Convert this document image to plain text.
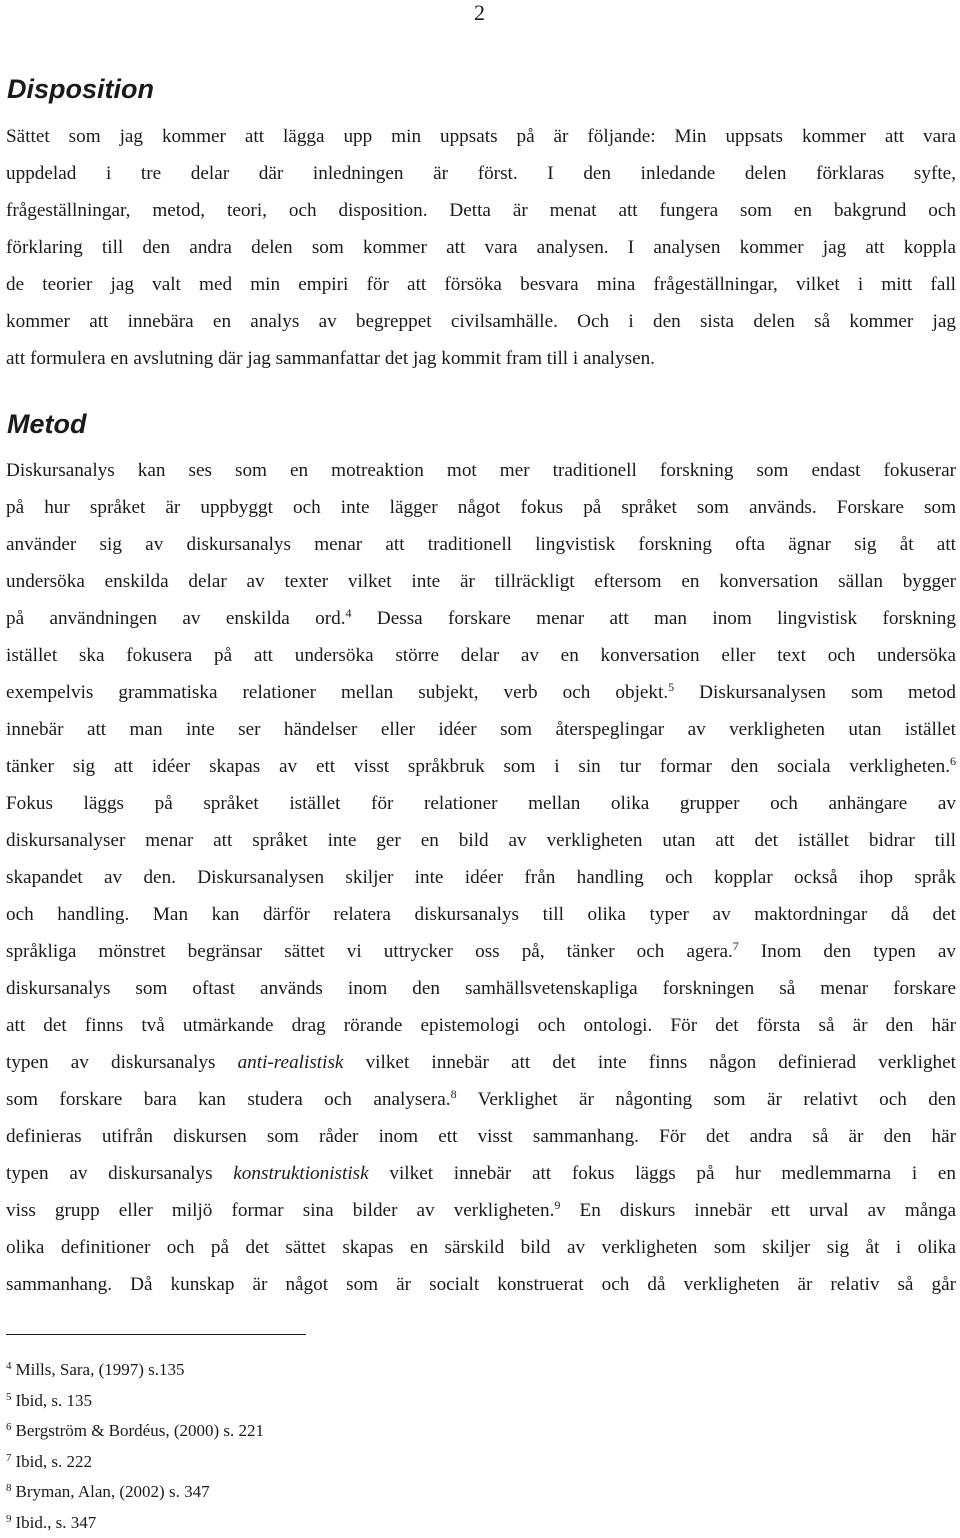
2
Disposition

Sättet som jag kommer att lägga upp min uppsats på är följande: Min uppsats kommer att vara
uppdelad i tre delar där inledningen är först. I den inledande delen förklaras syfte,
frågeställningar, metod, teori, och disposition. Detta är menat att fungera som en bakgrund och
förklaring till den andra delen som kommer att vara analysen. I analysen kommer jag att koppla
de teorier jag valt med min empiri för att försöka besvara mina frågeställningar, vilket i mitt fall
kommer att innebära en analys av begreppet civilsamhälle. Och i den sista delen så kommer jag
att formulera en avslutning där jag sammanfattar det jag kommit fram till i analysen.

Metod

Diskursanalys kan ses som en motreaktion mot mer traditionell forskning som endast fokuserar
på hur språket är uppbyggt och inte lägger något fokus på språket som används. Forskare som
använder sig av diskursanalys menar att traditionell lingvistisk forskning ofta ägnar sig åt att
undersöka enskilda delar av texter vilket inte är tillräckligt eftersom en konversation sällan bygger
på användningen av enskilda ord.$^4$ Dessa forskare menar att man inom lingvistisk forskning
istället ska fokusera på att undersöka större delar av en konversation eller text och undersöka
exempelvis grammatiska relationer mellan subjekt, verb och objekt.$^5$ Diskursanalysen som metod
innebär att man inte ser händelser eller idéer som återspeglingar av verkligheten utan istället
tänker sig att idéer skapas av ett visst språkbruk som i sin tur formar den sociala verkligheten.$^6$
Fokus läggs på språket istället för relationer mellan olika grupper och anhängare av
diskursanalyser menar att språket inte ger en bild av verkligheten utan att det istället bidrar till
skapandet av den. Diskursanalysen skiljer inte idéer från handling och kopplar också ihop språk
och handling. Man kan därför relatera diskursanalys till olika typer av maktordningar då det
språkliga mönstret begränsar sättet vi uttrycker oss på, tänker och agera.$^7$ Inom den typen av
diskursanalys som oftast används inom den samhällsvetenskapliga forskningen så menar forskare
att det finns två utmärkande drag rörande epistemologi och ontologi. För det första så är den här
typen av diskursanalys anti-realistisk vilket innebär att det inte finns någon definierad verklighet
som forskare bara kan studera och analysera.$^8$ Verklighet är någonting som är relativt och den
definieras utifrån diskursen som råder inom ett visst sammanhang. För det andra så är den här
typen av diskursanalys konstruktionistisk vilket innebär att fokus läggs på hur medlemmarna i en
viss grupp eller miljö formar sina bilder av verkligheten.$^9$ En diskurs innebär ett urval av många
olika definitioner och på det sättet skapas en särskild bild av verkligheten som skiljer sig åt i olika
sammanhang. Då kunskap är något som är socialt konstruerat och då verkligheten är relativ så går

$^4$ Mills, Sara, (1997) s.135
$^5$ Ibid, s. 135
$^6$ Bergström & Bordéus, (2000) s. 221
$^7$ Ibid, s. 222
$^8$ Bryman, Alan, (2002) s. 347
$^9$ Ibid., s. 347
